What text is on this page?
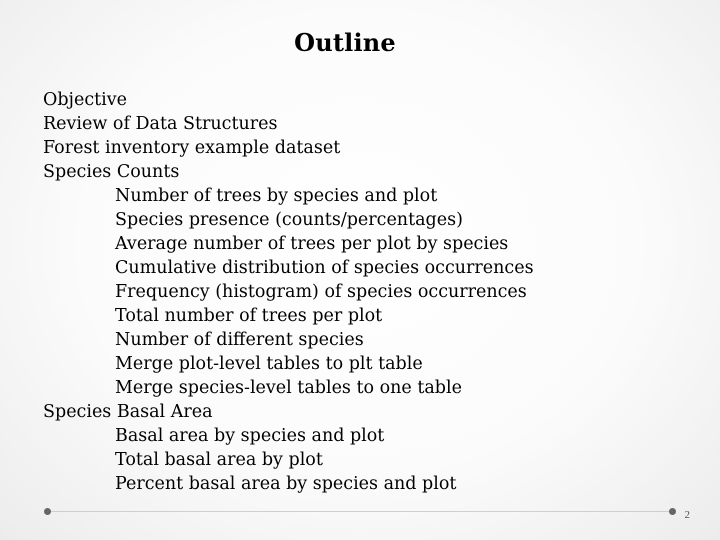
Outline
Objective
Review of Data Structures
Forest inventory example dataset
Species Counts
Number of trees by species and plot
Species presence (counts/percentages)
Average number of trees per plot by species
Cumulative distribution of species occurrences
Frequency (histogram) of species occurrences
Total number of trees per plot
Number of different species
Merge plot-level tables to plt table
Merge species-level tables to one table
Species Basal Area
Basal area by species and plot
Total basal area by plot
Percent basal area by species and plot
2
